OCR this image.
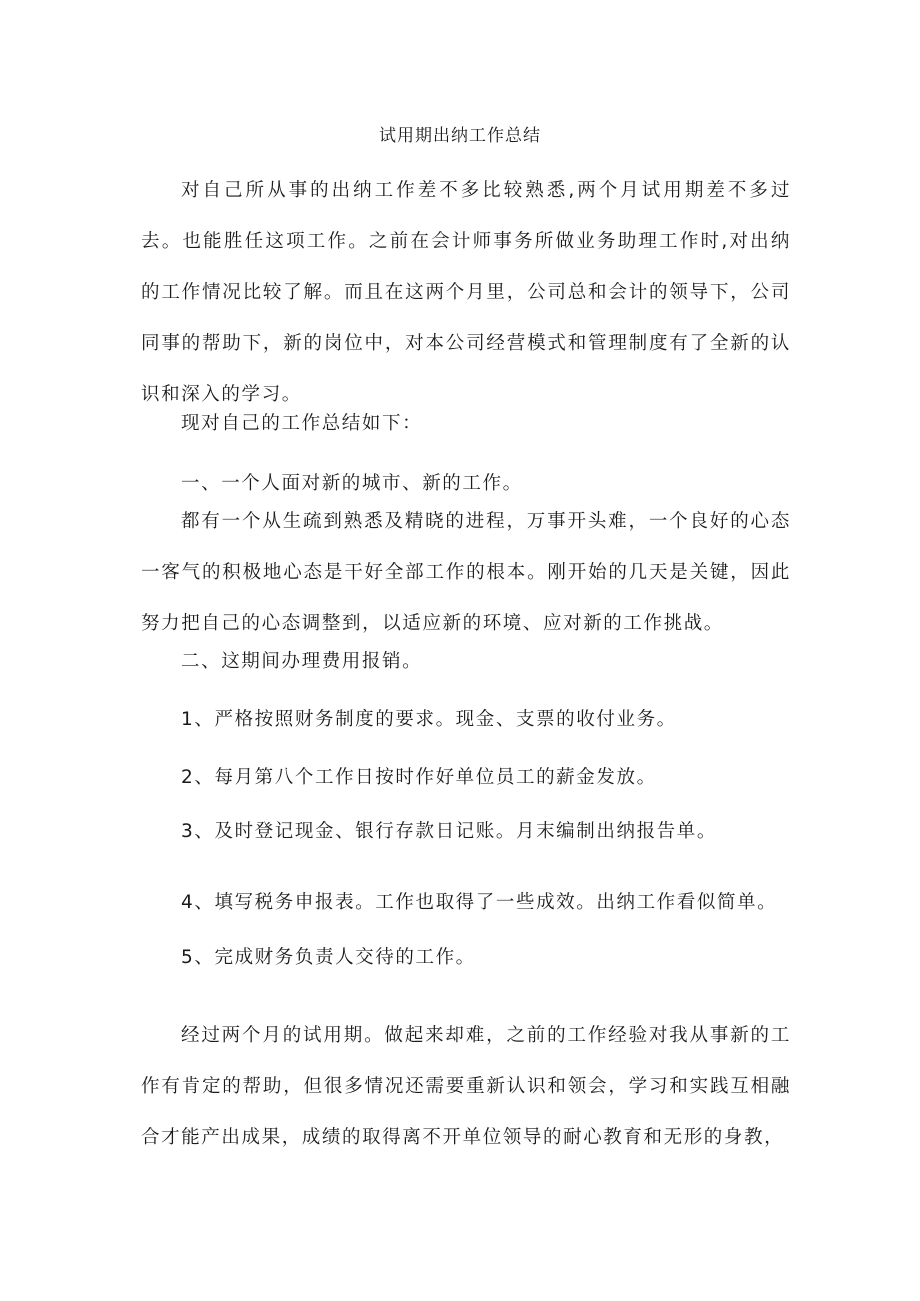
试用期出纳工作总结

对自己所从事的出纳工作差不多比较熟悉,两个月试用期差不多过去。也能胜任这项工作。之前在会计师事务所做业务助理工作时,对出纳的工作情况比较了解。而且在这两个月里，公司总和会计的领导下，公司同事的帮助下，新的岗位中，对本公司经营模式和管理制度有了全新的认识和深入的学习。

现对自己的工作总结如下：

一、一个人面对新的城市、新的工作。

都有一个从生疏到熟悉及精晓的进程，万事开头难，一个良好的心态一客气的积极地心态是干好全部工作的根本。刚开始的几天是关键，因此努力把自己的心态调整到，以适应新的环境、应对新的工作挑战。

二、这期间办理费用报销。

1、严格按照财务制度的要求。现金、支票的收付业务。

2、每月第八个工作日按时作好单位员工的薪金发放。

3、及时登记现金、银行存款日记账。月末编制出纳报告单。

4、填写税务申报表。工作也取得了一些成效。出纳工作看似简单。

5、完成财务负责人交待的工作。

经过两个月的试用期。做起来却难，之前的工作经验对我从事新的工作有肯定的帮助，但很多情况还需要重新认识和领会，学习和实践互相融合才能产出成果，成绩的取得离不开单位领导的耐心教育和无形的身教，
